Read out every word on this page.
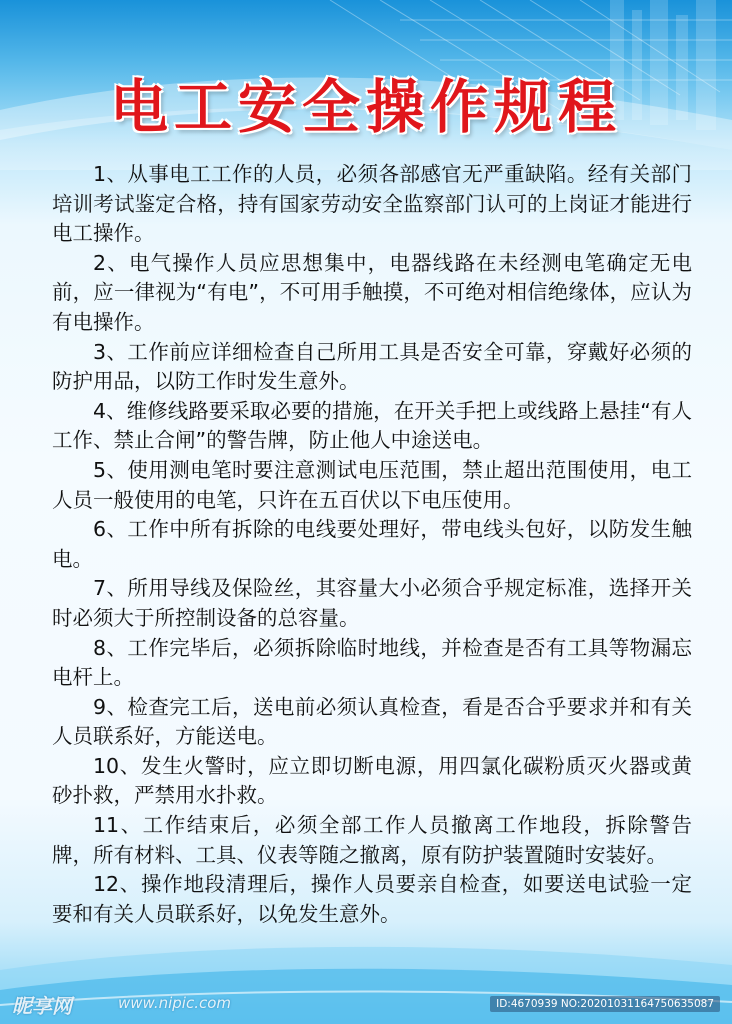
电工安全操作规程

1、从事电工工作的人员，必须各部感官无严重缺陷。经有关部门培训考试鉴定合格，持有国家劳动安全监察部门认可的上岗证才能进行电工操作。

2、电气操作人员应思想集中，电器线路在未经测电笔确定无电前，应一律视为“有电”，不可用手触摸，不可绝对相信绝缘体，应认为有电操作。

3、工作前应详细检查自己所用工具是否安全可靠，穿戴好必须的防护用品，以防工作时发生意外。

4、维修线路要采取必要的措施，在开关手把上或线路上悬挂“有人工作、禁止合闸”的警告牌，防止他人中途送电。

5、使用测电笔时要注意测试电压范围，禁止超出范围使用，电工人员一般使用的电笔，只许在五百伏以下电压使用。

6、工作中所有拆除的电线要处理好，带电线头包好，以防发生触电。

7、所用导线及保险丝，其容量大小必须合乎规定标准，选择开关时必须大于所控制设备的总容量。

8、工作完毕后，必须拆除临时地线，并检查是否有工具等物漏忘电杆上。

9、检查完工后，送电前必须认真检查，看是否合乎要求并和有关人员联系好，方能送电。

10、发生火警时，应立即切断电源，用四氯化碳粉质灭火器或黄砂扑救，严禁用水扑救。

11、工作结束后，必须全部工作人员撤离工作地段，拆除警告牌，所有材料、工具、仪表等随之撤离，原有防护装置随时安装好。

12、操作地段清理后，操作人员要亲自检查，如要送电试验一定要和有关人员联系好，以免发生意外。

昵享网	www.nipic.com	ID:4670939 NO:20201031164750635087
